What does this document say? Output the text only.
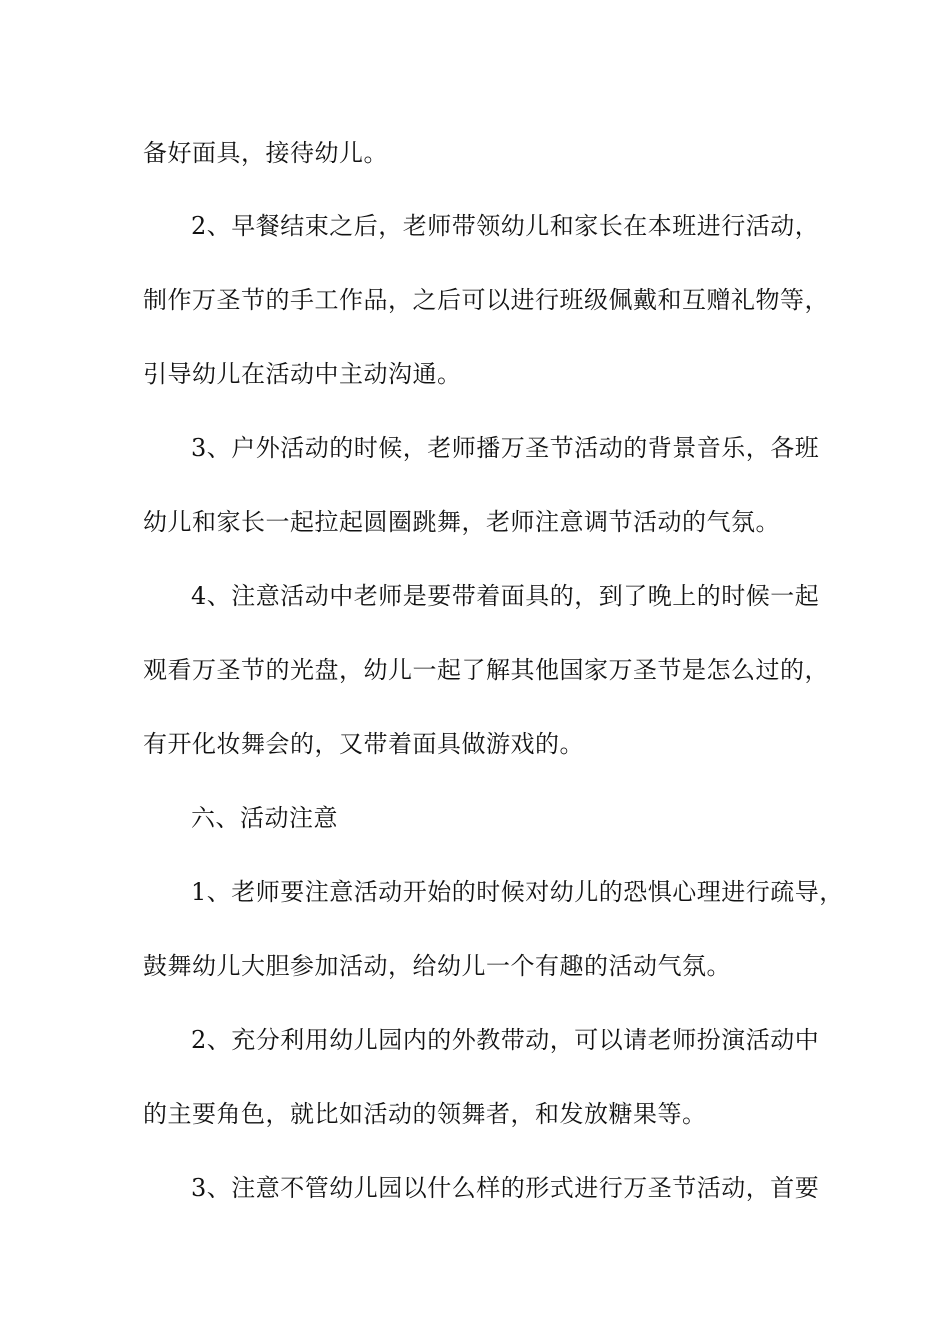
备好面具，接待幼儿。
2、早餐结束之后，老师带领幼儿和家长在本班进行活动，
制作万圣节的手工作品，之后可以进行班级佩戴和互赠礼物等，
引导幼儿在活动中主动沟通。
3、户外活动的时候，老师播万圣节活动的背景音乐，各班
幼儿和家长一起拉起圆圈跳舞，老师注意调节活动的气氛。
4、注意活动中老师是要带着面具的，到了晚上的时候一起
观看万圣节的光盘，幼儿一起了解其他国家万圣节是怎么过的，
有开化妆舞会的，又带着面具做游戏的。
六、活动注意
1、老师要注意活动开始的时候对幼儿的恐惧心理进行疏导，
鼓舞幼儿大胆参加活动，给幼儿一个有趣的活动气氛。
2、充分利用幼儿园内的外教带动，可以请老师扮演活动中
的主要角色，就比如活动的领舞者，和发放糖果等。
3、注意不管幼儿园以什么样的形式进行万圣节活动，首要
